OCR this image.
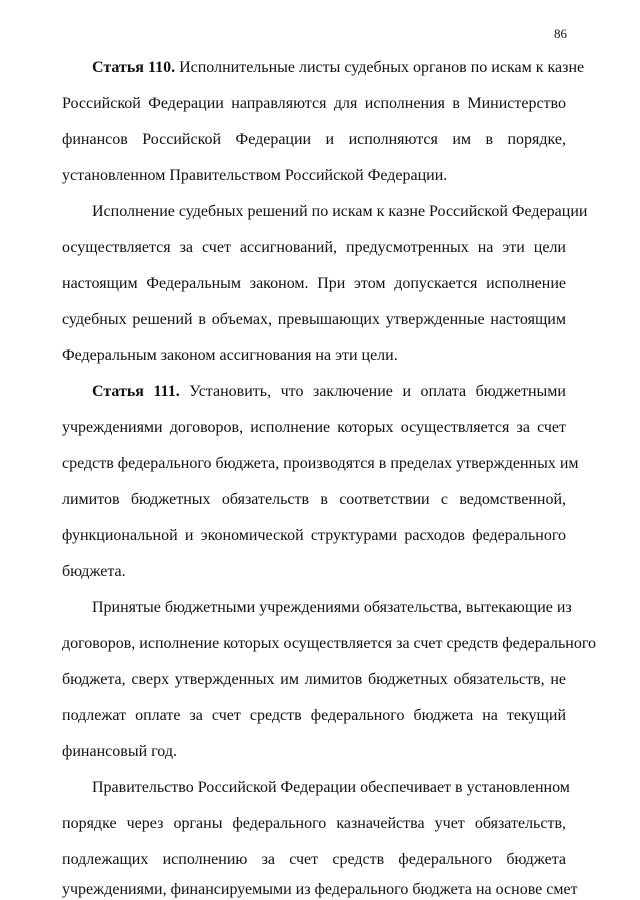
86
Статья 110. Исполнительные листы судебных органов по искам к казне
Российской Федерации направляются для исполнения в Министерство
финансов Российской Федерации и исполняются им в порядке,
установленном Правительством Российской Федерации.
Исполнение судебных решений по искам к казне Российской Федерации
осуществляется за счет ассигнований, предусмотренных на эти цели
настоящим Федеральным законом. При этом допускается исполнение
судебных решений в объемах, превышающих утвержденные настоящим
Федеральным законом ассигнования на эти цели.
Статья 111. Установить, что заключение и оплата бюджетными
учреждениями договоров, исполнение которых осуществляется за счет
средств федерального бюджета, производятся в пределах утвержденных им
лимитов бюджетных обязательств в соответствии с ведомственной,
функциональной и экономической структурами расходов федерального
бюджета.
Принятые бюджетными учреждениями обязательства, вытекающие из
договоров, исполнение которых осуществляется за счет средств федерального
бюджета, сверх утвержденных им лимитов бюджетных обязательств, не
подлежат оплате за счет средств федерального бюджета на текущий
финансовый год.
Правительство Российской Федерации обеспечивает в установленном
порядке через органы федерального казначейства учет обязательств,
подлежащих исполнению за счет средств федерального бюджета
учреждениями, финансируемыми из федерального бюджета на основе смет
